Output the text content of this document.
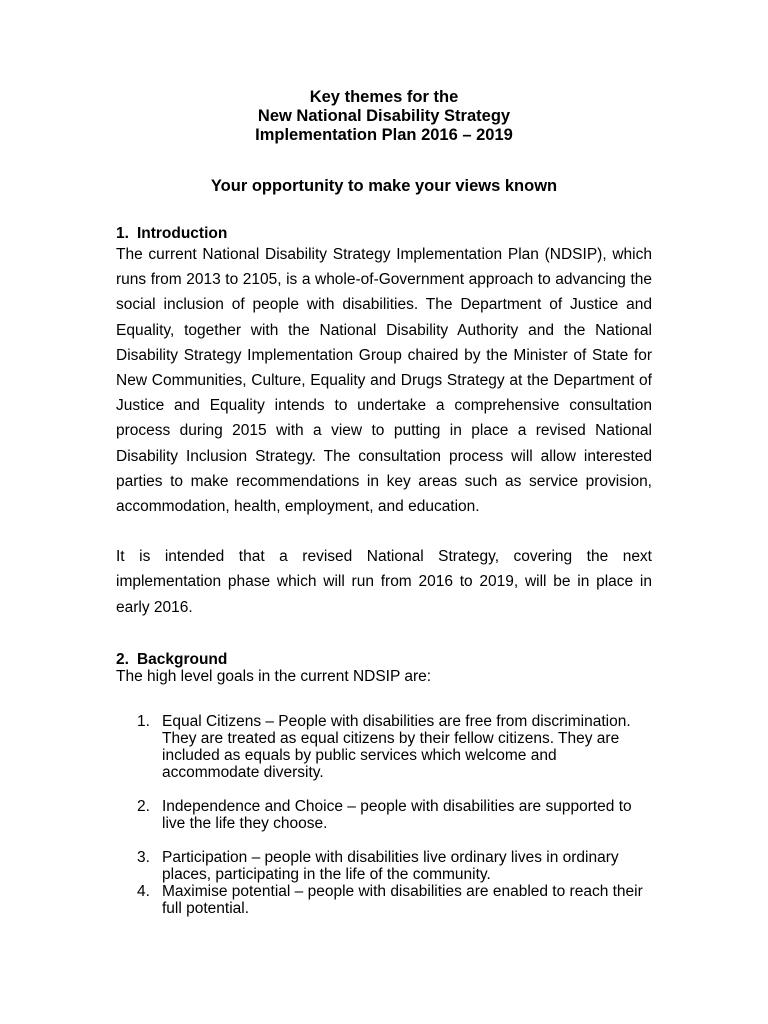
Key themes for the
New National Disability Strategy
Implementation Plan 2016 – 2019
Your opportunity to make your views known
1. Introduction

The current National Disability Strategy Implementation Plan (NDSIP), which runs from 2013 to 2105, is a whole-of-Government approach to advancing the social inclusion of people with disabilities. The Department of Justice and Equality, together with the National Disability Authority and the National Disability Strategy Implementation Group chaired by the Minister of State for New Communities, Culture, Equality and Drugs Strategy at the Department of Justice and Equality intends to undertake a comprehensive consultation process during 2015 with a view to putting in place a revised National Disability Inclusion Strategy. The consultation process will allow interested parties to make recommendations in key areas such as service provision, accommodation, health, employment, and education.

It is intended that a revised National Strategy, covering the next implementation phase which will run from 2016 to 2019, will be in place in early 2016.

2. Background

The high level goals in the current NDSIP are:

1. Equal Citizens – People with disabilities are free from discrimination. They are treated as equal citizens by their fellow citizens. They are included as equals by public services which welcome and accommodate diversity.
2. Independence and Choice – people with disabilities are supported to live the life they choose.
3. Participation – people with disabilities live ordinary lives in ordinary places, participating in the life of the community.
4. Maximise potential – people with disabilities are enabled to reach their full potential.
